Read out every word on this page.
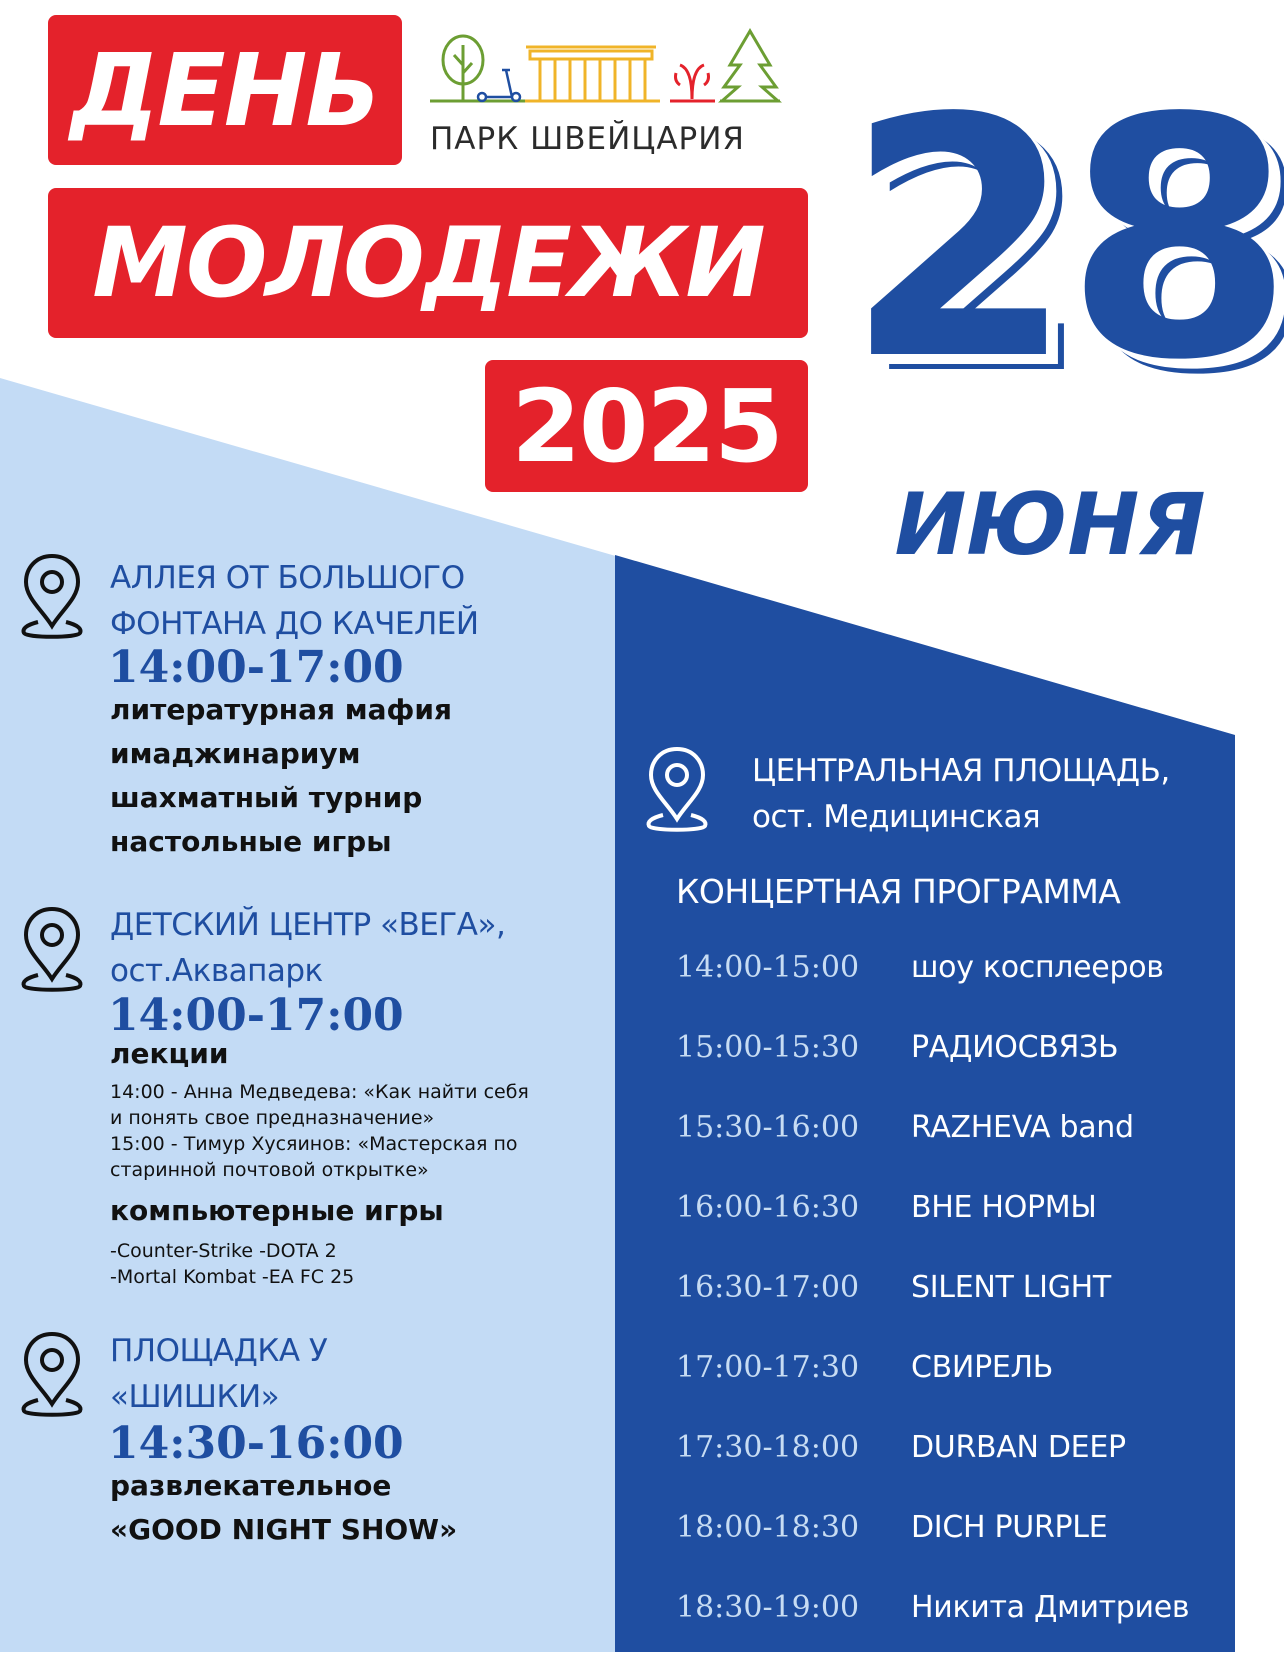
ДЕНЬ
МОЛОДЕЖИ
2025
ПАРК ШВЕЙЦАРИЯ 28
ИЮНЯ
АЛЛЕЯ ОТ БОЛЬШОГО
ФОНТАНА ДО КАЧЕЛЕЙ
14:00-17:00
литературная мафия
имаджинариум
шахматный турнир
настольные игры
ДЕТСКИЙ ЦЕНТР «ВЕГА»,
ост.Аквапарк
14:00-17:00
лекции
14:00 - Анна Медведева: «Как найти себя
и понять свое предназначение»
15:00 - Тимур Хусяинов: «Мастерская по
старинной почтовой открытке»
компьютерные игры
-Counter-Strike -DOTA 2
-Mortal Kombat -EA FC 25
ПЛОЩАДКА У
«ШИШКИ»
14:30-16:00
развлекательное
«GOOD NIGHT SHOW»
ЦЕНТРАЛЬНАЯ ПЛОЩАДЬ,
ост. Медицинская
КОНЦЕРТНАЯ ПРОГРАММА
14:00-15:00 шоу косплееров
15:00-15:30 РАДИОСВЯЗЬ
15:30-16:00 RAZHEVA band
16:00-16:30 ВНЕ НОРМЫ
16:30-17:00 SILENT LIGHT
17:00-17:30 СВИРЕЛЬ
17:30-18:00 DURBAN DEEP
18:00-18:30 DICH PURPLE
18:30-19:00 Никита Дмитриев
